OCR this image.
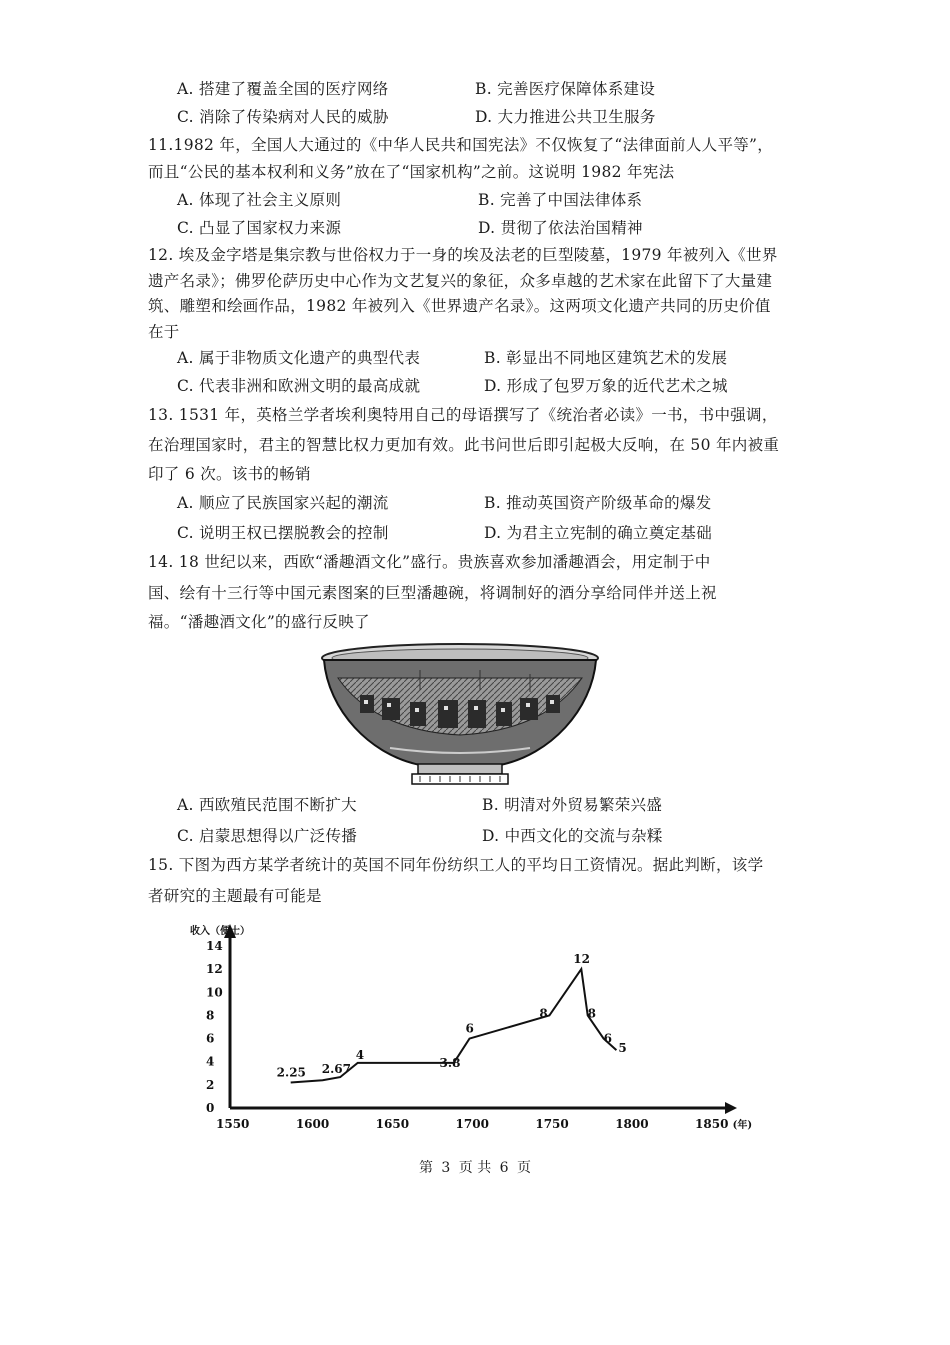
A. 搭建了覆盖全国的医疗网络	B. 完善医疗保障体系建设
C. 消除了传染病对人民的威胁	D. 大力推进公共卫生服务
11.1982 年，全国人大通过的《中华人民共和国宪法》不仅恢复了“法律面前人人平等”，
而且“公民的基本权利和义务”放在了“国家机构”之前。这说明 1982 年宪法
A. 体现了社会主义原则	B. 完善了中国法律体系
C. 凸显了国家权力来源	D. 贯彻了依法治国精神
12. 埃及金字塔是集宗教与世俗权力于一身的埃及法老的巨型陵墓，1979 年被列入《世界
遗产名录》；佛罗伦萨历史中心作为文艺复兴的象征，众多卓越的艺术家在此留下了大量建
筑、雕塑和绘画作品，1982 年被列入《世界遗产名录》。这两项文化遗产共同的历史价值
在于
A. 属于非物质文化遗产的典型代表	B. 彰显出不同地区建筑艺术的发展
C. 代表非洲和欧洲文明的最高成就	D. 形成了包罗万象的近代艺术之城
13. 1531 年，英格兰学者埃利奥特用自己的母语撰写了《统治者必读》一书，书中强调，
在治理国家时，君主的智慧比权力更加有效。此书问世后即引起极大反响，在 50 年内被重
印了 6 次。该书的畅销
A. 顺应了民族国家兴起的潮流	B. 推动英国资产阶级革命的爆发
C. 说明王权已摆脱教会的控制	D. 为君主立宪制的确立奠定基础
14. 18 世纪以来，西欧“潘趣酒文化”盛行。贵族喜欢参加潘趣酒会，用定制于中
国、绘有十三行等中国元素图案的巨型潘趣碗，将调制好的酒分享给同伴并送上祝
福。“潘趣酒文化”的盛行反映了
A. 西欧殖民范围不断扩大	B. 明清对外贸易繁荣兴盛
C. 启蒙思想得以广泛传播	D. 中西文化的交流与杂糅
15. 下图为西方某学者统计的英国不同年份纺织工人的平均日工资情况。据此判断，该学
者研究的主题最有可能是
收入（便士）
(年)
0
2
4
6
8
10
12
14
1550	1600	1650	1700	1750	1800	1850
2.25 2.67
4
3.8
6
8
12
8
6
5
第 3 页 共 6 页
